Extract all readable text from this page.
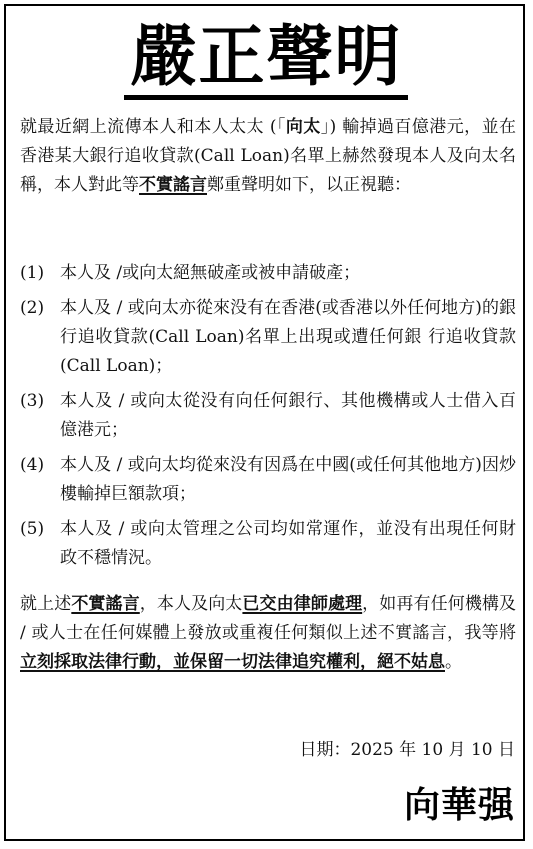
嚴正聲明
就最近網上流傳本人和本人太太 (「向太」) 輸掉過百億港元，並在香港某大銀行追收貸款(Call Loan)名單上赫然發現本人及向太名稱，本人對此等不實謠言鄭重聲明如下，以正視聽：
(1) 本人及 /或向太絕無破產或被申請破產；
(2) 本人及 / 或向太亦從來没有在香港(或香港以外任何地方)的銀行追收貸款(Call Loan)名單上出現或遭任何銀 行追收貸款(Call Loan)；
(3) 本人及 / 或向太從没有向任何銀行、其他機構或人士借入百億港元；
(4) 本人及 / 或向太均從來没有因爲在中國(或任何其他地方)因炒樓輸掉巨額款項；
(5) 本人及 / 或向太管理之公司均如常運作，並没有出現任何財政不穩情況。
就上述不實謠言，本人及向太已交由律師處理，如再有任何機構及 / 或人士在任何媒體上發放或重複任何類似上述不實謠言，我等將立刻採取法律行動，並保留一切法律追究權利，絕不姑息。
日期：2025 年 10 月 10 日
向華强
